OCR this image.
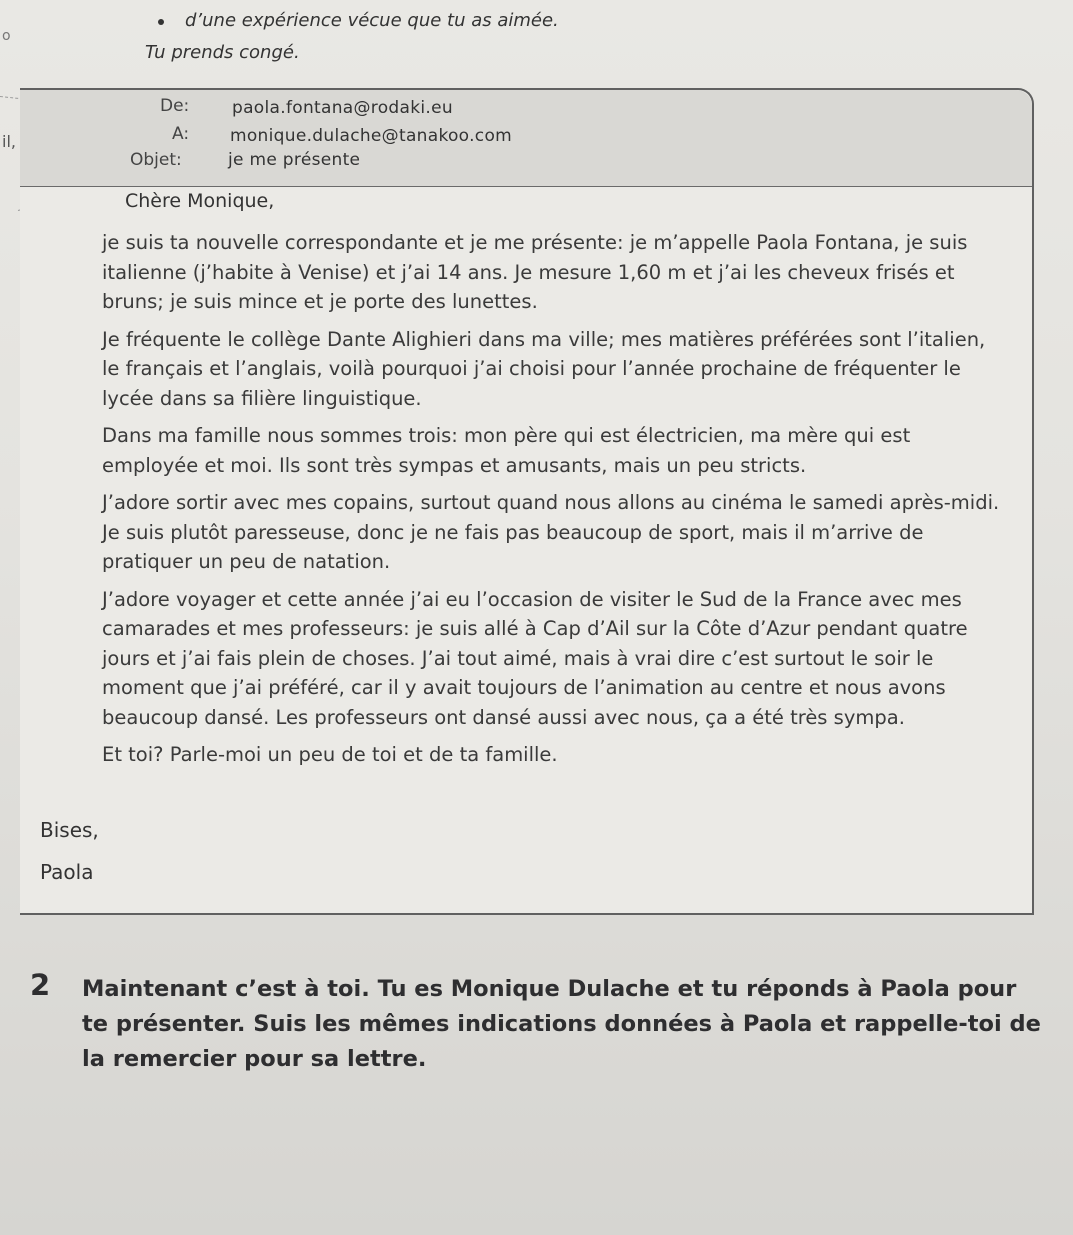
o
il,
d’une expérience vécue que tu as aimée.
Tu prends congé.
De:	paola.fontana@rodaki.eu
A: monique.dulache@tanakoo.com
Objet:	je me présente
Chère Monique,

je suis ta nouvelle correspondante et je me présente: je m’appelle Paola Fontana, je suis italienne (j’habite à Venise) et j’ai 14 ans. Je mesure 1,60 m et j’ai les cheveux frisés et bruns; je suis mince et je porte des lunettes.

Je fréquente le collège Dante Alighieri dans ma ville; mes matières préférées sont l’italien, le français et l’anglais, voilà pourquoi j’ai choisi pour l’année prochaine de fréquenter le lycée dans sa filière linguistique.

Dans ma famille nous sommes trois: mon père qui est électricien, ma mère qui est employée et moi. Ils sont très sympas et amusants, mais un peu stricts.

J’adore sortir avec mes copains, surtout quand nous allons au cinéma le samedi après-midi. Je suis plutôt paresseuse, donc je ne fais pas beaucoup de sport, mais il m’arrive de pratiquer un peu de natation.

J’adore voyager et cette année j’ai eu l’occasion de visiter le Sud de la France avec mes camarades et mes professeurs: je suis allé à Cap d’Ail sur la Côte d’Azur pendant quatre jours et j’ai fais plein de choses. J’ai tout aimé, mais à vrai dire c’est surtout le soir le moment que j’ai préféré, car il y avait toujours de l’animation au centre et nous avons beaucoup dansé. Les professeurs ont dansé aussi avec nous, ça a été très sympa.

Et toi? Parle-moi un peu de toi et de ta famille.

Bises,
Paola
2	Maintenant c’est à toi. Tu es Monique Dulache et tu réponds à Paola pour te présenter. Suis les mêmes indications données à Paola et rappelle-toi de la remercier pour sa lettre.
